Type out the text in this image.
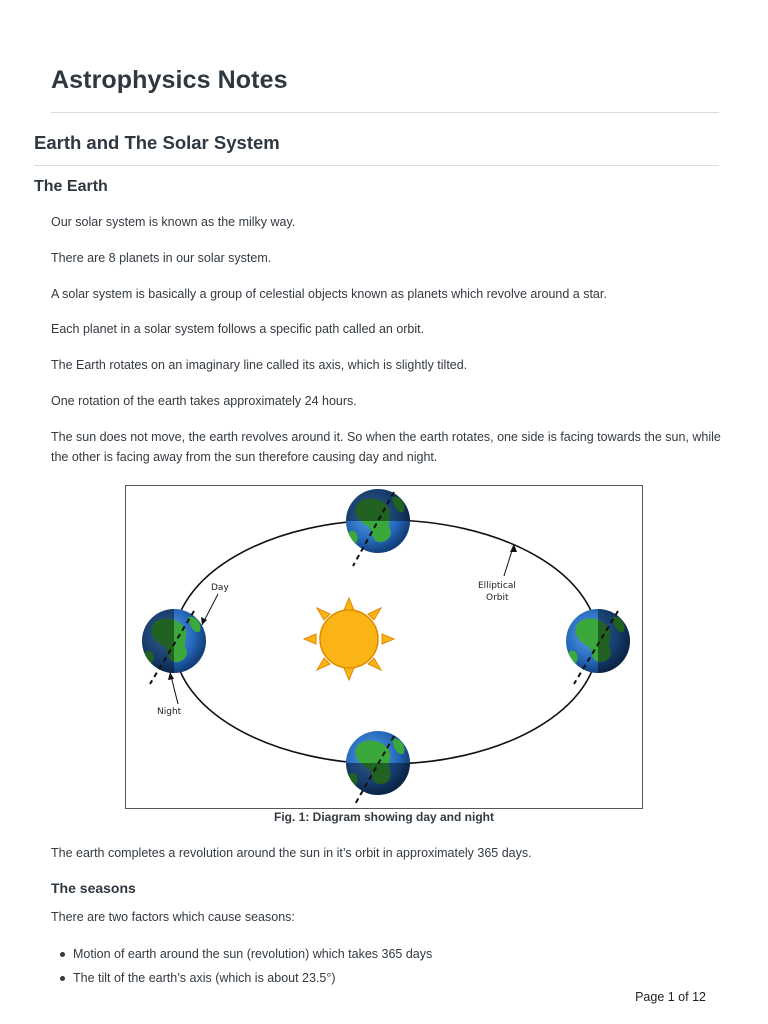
Astrophysics Notes
Earth and The Solar System
The Earth

Our solar system is known as the milky way.

There are 8 planets in our solar system.

A solar system is basically a group of celestial objects known as planets which revolve around a star.

Each planet in a solar system follows a specific path called an orbit.

The Earth rotates on an imaginary line called its axis, which is slightly tilted.

One rotation of the earth takes approximately 24 hours.

The sun does not move, the earth revolves around it. So when the earth rotates, one side is facing towards the sun, while the other is facing away from the sun therefore causing day and night.

Day
Night
Elliptical
Orbit

Fig. 1: Diagram showing day and night

The earth completes a revolution around the sun in it’s orbit in approximately 365 days.

The seasons

There are two factors which cause seasons:

Motion of earth around the sun (revolution) which takes 365 days
The tilt of the earth’s axis (which is about 23.5°)

Page 1 of 12
